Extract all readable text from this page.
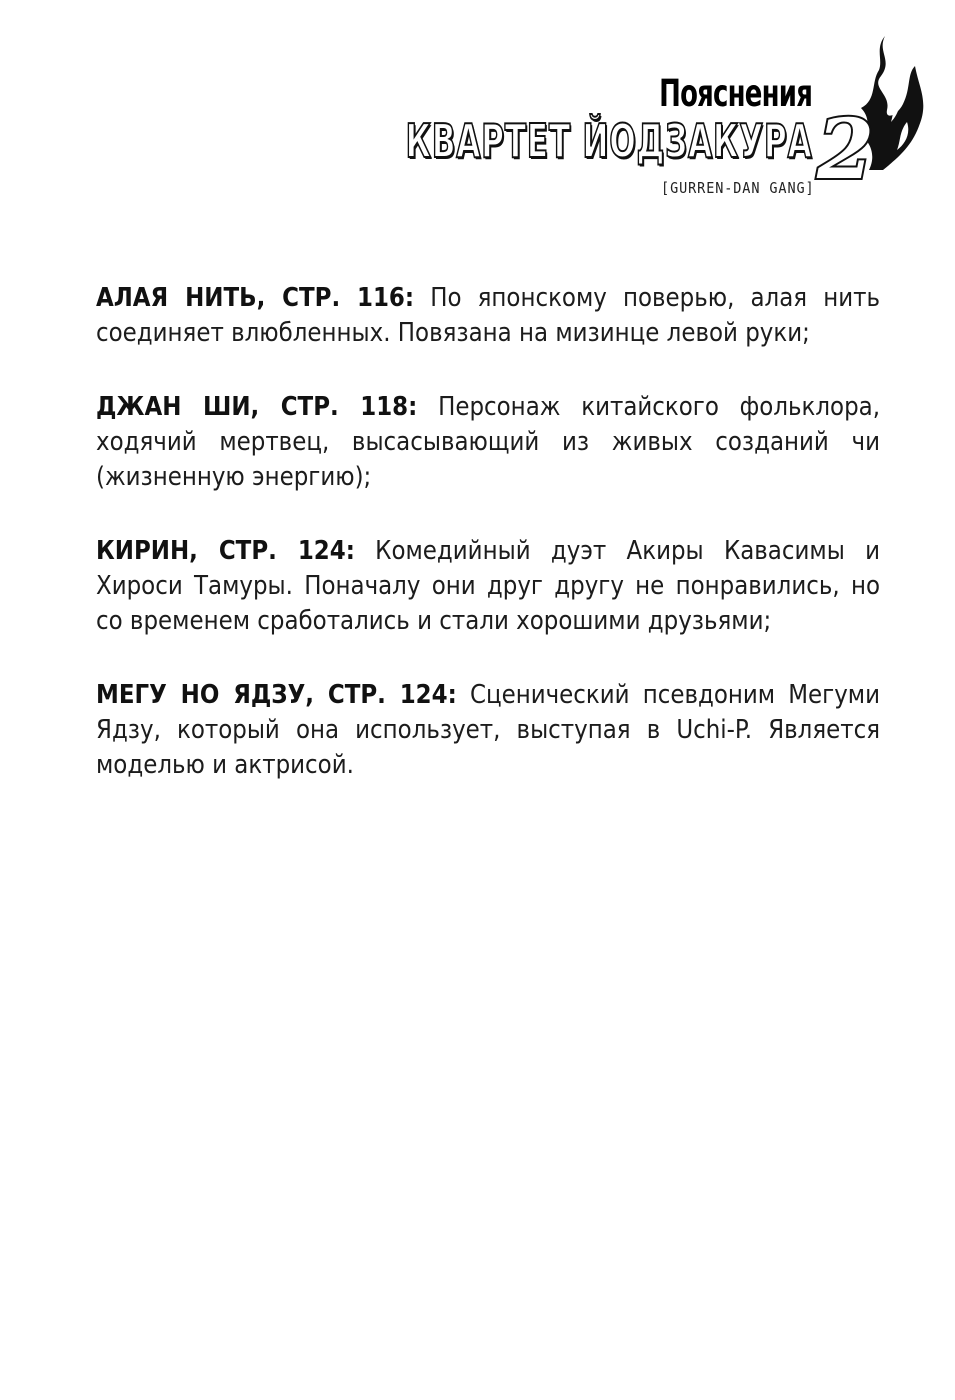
Пояснения
КВАРТЕТ ЙОДЗАКУРА
[GURREN-DAN GANG] 2

АЛАЯ НИТЬ, СТР. 116: По японскому поверью, алая нить соединяет влюбленных. Повязана на мизинце левой руки;

ДЖАН ШИ, СТР. 118: Персонаж китайского фольклора, ходячий мертвец, высасывающий из живых созданий чи (жизненную энергию);

КИРИН, СТР. 124: Комедийный дуэт Акиры Кавасимы и Хироси Тамуры. Поначалу они друг другу не понравились, но со временем сработались и стали хорошими друзьями;

МЕГУ НО ЯДЗУ, СТР. 124: Сценический псевдоним Мегуми Ядзу, который она использует, выступая в Uchi-P. Является моделью и актрисой.
